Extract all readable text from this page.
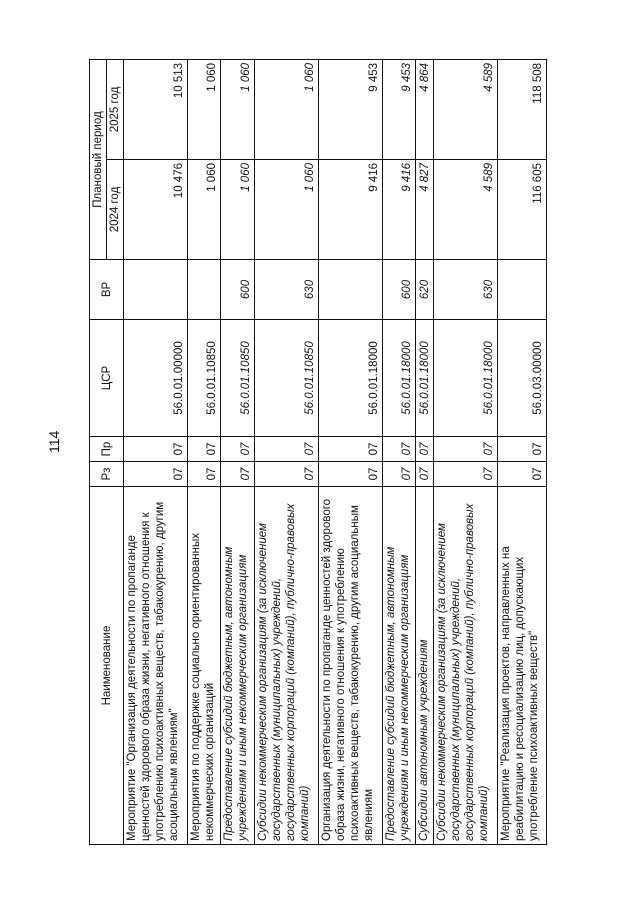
114
Наименование	Рз	Пр	ЦСР	ВР	Плановый период	
					2024 год	2025 год
Мероприятие "Организация деятельности по пропаганде ценностей здорового образа жизни, негативного отношения к употреблению психоактивных веществ, табакокурению, другим асоциальным явлениям"	07	07	56.0.01.00000		10 476	10 513
Мероприятия по поддержке социально ориентированных некоммерческих организаций	07	07	56.0.01.10850		1 060	1 060
Предоставление субсидий бюджетным, автономным учреждениям и иным некоммерческим организациям	07	07	56.0.01.10850	600	1 060	1 060
Субсидии некоммерческим организациям (за исключением государственных (муниципальных) учреждений, государственных корпораций (компаний), публично-правовых компаний)	07	07	56.0.01.10850	630	1 060	1 060
Организация деятельности по пропаганде ценностей здорового образа жизни, негативного отношения к употреблению психоактивных веществ, табакокурению, другим асоциальным явлениям	07	07	56.0.01.18000		9 416	9 453
Предоставление субсидий бюджетным, автономным учреждениям и иным некоммерческим организациям	07	07	56.0.01.18000	600	9 416	9 453
Субсидии автономным учреждениям	07	07	56.0.01.18000	620	4 827	4 864
Субсидии некоммерческим организациям (за исключением государственных (муниципальных) учреждений, государственных корпораций (компаний), публично-правовых компаний)	07	07	56.0.01.18000	630	4 589	4 589
Мероприятие "Реализация проектов, направленных на реабилитацию и ресоциализацию лиц, допускающих употребление психоактивных веществ"	07	07	56.0.03.00000		116 605	118 508
